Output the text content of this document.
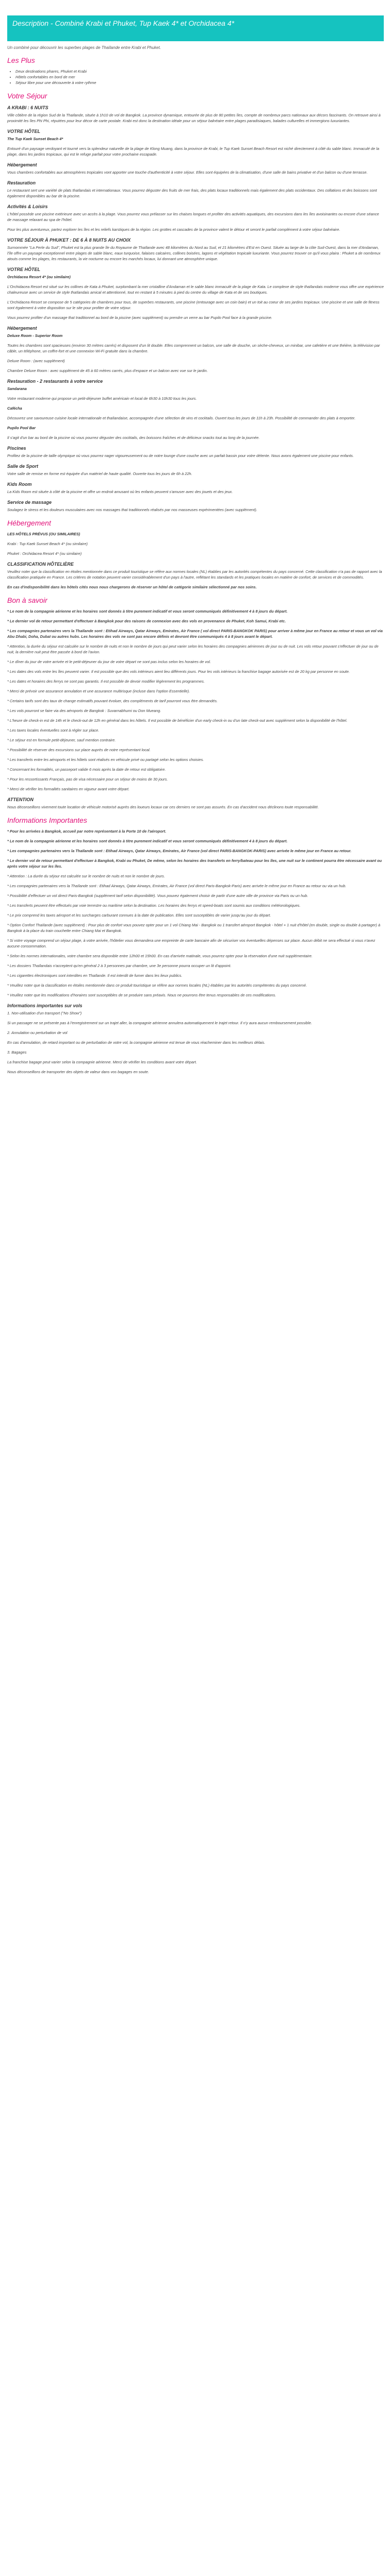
Description - Combiné Krabi et Phuket, Tup Kaek 4* et Orchidacea 4*
Un combiné pour découvrir les superbes plages de Thaïlande entre Krabi et Phuket.
Les Plus
• Deux destinations phares, Phuket et Krabi
• Hôtels confortables en bord de mer
• Séjour libre pour une découverte à votre rythme
Votre Séjour
A KRABI : 6 NUITS

Ville côtière de la région Sud de la Thaïlande, située à 1h10 de vol de Bangkok. La province dynamique, entourée de plus de 80 petites îles, compte de nombreux parcs nationaux aux décors fascinants. On retrouve ainsi à proximité les îles Phi Phi, réputées pour leur décor de carte postale. Krabi est donc la destination idéale pour un séjour balnéaire entre plages paradisiaques, balades culturelles et immergions luxuriantes.

VOTRE HÔTEL

The Tup Kaek Sunset Beach 4*

Entouré d'un paysage verdoyant et tourné vers la splendeur naturelle de la plage de Klong Muang, dans la province de Krabi, le Tup Kaek Sunset Beach Resort est niché directement à côté du sable blanc. Immaculé de la plage, dans les jardins tropicaux, qui est le refuge parfait pour votre prochaine escapade.

Hébergement

Vous chambres confortables aux atmosphères tropicales vont apporter une touche d'authenticité à votre séjour. Elles sont équipées de la climatisation, d'une salle de bains privative et d'un balcon ou d'une terrasse.

Restauration

Le restaurant sert une variété de plats thaïlandais et internationaux. Vous pourrez déguster des fruits de mer frais, des plats locaux traditionnels mais également des plats occidentaux. Des collations et des boissons sont également disponibles au bar de la piscine.

Activités & Loisirs

L'hôtel possède une piscine extérieure avec un accès à la plage. Vous pourrez vous prélasser sur les chaises longues et profiter des activités aquatiques, des excursions dans les îles avoisinantes ou encore d'une séance de massage relaxant au spa de l'hôtel.

Pour les plus aventureux, partez explorer les îles et les reliefs karstiques de la région. Les grottes et cascades de la province valent le détour et seront le parfait complément à votre séjour balnéaire.

VOTRE SÉJOUR À PHUKET : DE 6 À 8 NUITS AU CHOIX

Surnommée "La Perle du Sud", Phuket est la plus grande île du Royaume de Thaïlande avec 48 kilomètres du Nord au Sud, et 21 kilomètres d'Est en Ouest. Située au large de la côte Sud-Ouest, dans la mer d'Andaman, l'île offre un paysage exceptionnel entre plages de sable blanc, eaux turquoise, falaises calcaires, collines boisées, lagons et végétation tropicale luxuriante. Vous pourrez trouver ce qu'il vous plaira : Phuket a de nombreux atouts comme les plages, les restaurants, la vie nocturne ou encore les marchés locaux, lui donnant une atmosphère unique.

VOTRE HÔTEL

Orchidacea Resort 4* (ou similaire)

L'Orchidacea Resort est situé sur les collines de Kata à Phuket, surplombant la mer cristalline d'Andaman et le sable blanc immaculé de la plage de Kata. Le complexe de style thaïlandais moderne vous offre une expérience chaleureuse avec un service de style thaïlandais amical et attentionné, tout en restant à 5 minutes à pied du centre du village de Kata et de ses boutiques.

L'Orchidacea Resort se compose de 5 catégories de chambres pour tous, de superbes restaurants, une piscine (entourage avec un coin bain) et un toit au coeur de ses jardins tropicaux. Une piscine et une salle de fitness sont également à votre disposition sur le site pour profiter de votre séjour.

Vous pourrez profiter d'un massage thaï traditionnel au bord de la piscine (avec supplément) ou prendre un verre au bar Pupilo Pool face à la grande piscine.

Hébergement

Deluxe Room - Superior Room

Toutes les chambres sont spacieuses (environ 30 mètres carrés) et disposent d'un lit double. Elles comprennent un balcon, une salle de douche, un sèche-cheveux, un minibar, une cafetière et une théière, la télévision par câble, un téléphone, un coffre-fort et une connexion Wi-Fi gratuite dans la chambre.

Deluxe Room : (avec supplément)

Chambre Deluxe Room : avec supplément de 45 à 60 mètres carrés, plus d'espace et un balcon avec vue sur le jardin.

Restauration - 2 restaurants à votre service

Sandarana

Votre restaurant moderne qui propose un petit-déjeuner buffet américain et local de 6h30 à 10h30 tous les jours.

Cafécha

Découvrez une savoureuse cuisine locale internationale et thaïlandaise, accompagnée d'une sélection de vins et cocktails. Ouvert tous les jours de 11h à 23h. Possibilité de commander des plats à emporter.

Pupilo Pool Bar

Il s'agit d'un bar au bord de la piscine où vous pourrez déguster des cocktails, des boissons fraîches et de délicieux snacks tout au long de la journée.

Piscines

Profitez de la piscine de taille olympique où vous pourrez nager vigoureusement ou de notre lounge d'une couche avec un parfait bassin pour votre détente. Nous avons également une piscine pour enfants.

Salle de Sport

Votre salle de remise en forme est équipée d'un matériel de haute qualité. Ouverte tous les jours de 6h à 22h.

Kids Room

La Kids Room est située à côté de la piscine et offre un endroit amusant où les enfants peuvent s'amuser avec des jouets et des jeux.

Service de massage

Soulagez le stress et les douleurs musculaires avec nos massages thaï traditionnels réalisés par nos masseuses expérimentées (avec supplément).

Hébergement

LES HÔTELS PRÉVUS (OU SIMILAIRES)

Krabi : Tup Kaek Sunset Beach 4* (ou similaire)

Phuket : Orchidacea Resort 4* (ou similaire)

CLASSIFICATION HÔTELIÈRE

Veuillez noter que la classification en étoiles mentionnée dans ce produit touristique se réfère aux normes locales (NL) établies par les autorités compétentes du pays concerné. Cette classification n'a pas de rapport avec la classification pratiquée en France. Les critères de notation peuvent varier considérablement d'un pays à l'autre, reflétant les standards et les pratiques locales en matière de confort, de services et de commodités.

En cas d'indisponibilité dans les hôtels cités nous nous chargerons de réserver un hôtel de catégorie similaire sélectionné par nos soins.

Bon à savoir

* Le nom de la compagnie aérienne et les horaires sont donnés à titre purement indicatif et vous seront communiqués définitivement 4 à 8 jours du départ.

* Le dernier vol de retour permettant d'effectuer à Bangkok pour des raisons de connexion avec des vols en provenance de Phuket, Koh Samui, Krabi etc.

* Les compagnies partenaires vers la Thaïlande sont : Etihad Airways, Qatar Airways, Emirates, Air France ( vol direct PARIS-BANGKOK PARIS) pour arriver à même jour en France au retour et vous un vol via Abu Dhabi, Doha, Dubaï ou autres hubs. Les horaires des vols ne sont pas encore définis et devront être communiqués 4 à 8 jours avant le départ.

* Attention, la durée du séjour est calculée sur le nombre de nuits et non le nombre de jours qui peut varier selon les horaires des compagnies aériennes de jour ou de nuit. Les vols retour pouvant s'effectuer de jour ou de nuit, la dernière nuit peut être passée à bord de l'avion.

* Le dîner du jour de votre arrivée et le petit-déjeuner du jour de votre départ ne sont pas inclus selon les horaires de vol.

* Les dates des vols entre les îles peuvent varier. Il est possible que des vols intérieurs aient lieu différents jours. Pour les vols intérieurs la franchise bagage autorisée est de 20 kg par personne en soute.

* Les dates et horaires des ferrys ne sont pas garantis. Il est possible de devoir modifier légèrement les programmes.

* Merci de prévoir une assurance annulation et une assurance multirisque (incluse dans l'option Essentielle).

* Certains tarifs sont des taux de change estimatifs pouvant évoluer, des compléments de tarif pourront vous être demandés.

* Les vols pourront se faire via des aéroports de Bangkok : Suvarnabhumi ou Don Mueang.

* L'heure de check-in est de 14h et le check-out de 12h en général dans les hôtels. Il est possible de bénéficier d'un early check-in ou d'un late check-out avec supplément selon la disponibilité de l'hôtel.

* Les taxes locales éventuelles sont à régler sur place.

* Le séjour est en formule petit-déjeuner, sauf mention contraire.

* Possibilité de réserver des excursions sur place auprès de notre représentant local.

* Les transferts entre les aéroports et les hôtels sont réalisés en véhicule privé ou partagé selon les options choisies.

* Concernant les formalités, un passeport valide 6 mois après la date de retour est obligatoire.

* Pour les ressortissants Français, pas de visa nécessaire pour un séjour de moins de 30 jours.

* Merci de vérifier les formalités sanitaires en vigueur avant votre départ.

ATTENTION

Nous déconseillons vivement toute location de véhicule motorisé auprès des loueurs locaux car ces derniers ne sont pas assurés. En cas d'accident nous déclinons toute responsabilité.

Informations Importantes

* Pour les arrivées à Bangkok, accueil par notre représentant à la Porte 10 de l'aéroport.

* Le nom de la compagnie aérienne et les horaires sont donnés à titre purement indicatif et vous seront communiqués définitivement 4 à 8 jours du départ.

* Les compagnies partenaires vers la Thaïlande sont : Etihad Airways, Qatar Airways, Emirates, Air France (vol direct PARIS-BANGKOK-PARIS) avec arrivée le même jour en France au retour.

* Le dernier vol de retour permettant d'effectuer à Bangkok, Krabi ou Phuket, De même, selon les horaires des transferts en ferry/bateau pour les îles, une nuit sur le continent pourra être nécessaire avant ou après votre séjour sur les îles.

* Attention : La durée du séjour est calculée sur le nombre de nuits et non le nombre de jours.

* Les compagnies partenaires vers la Thaïlande sont : Etihad Airways, Qatar Airways, Emirates, Air France (vol direct Paris-Bangkok-Paris) avec arrivée le même jour en France au retour ou via un hub.

* Possibilité d'effectuer un vol direct Paris-Bangkok (supplément tarif selon disponibilité). Vous pouvez également choisir de partir d'une autre ville de province via Paris ou un hub.

* Les transferts peuvent être effectués par voie terrestre ou maritime selon la destination. Les horaires des ferrys et speed-boats sont soumis aux conditions météorologiques.

* Le prix comprend les taxes aéroport et les surcharges carburant connues à la date de publication. Elles sont susceptibles de varier jusqu'au jour du départ.

* Option Confort Thaïlande (avec supplément) : Pour plus de confort vous pouvez opter pour un 1 vol Chiang Mai - Bangkok ou 1 transfert aéroport Bangkok - hôtel + 1 nuit d'hôtel (en double, single ou double à partager) à Bangkok à la place du train couchette entre Chiang Mai et Bangkok.

* Si votre voyage comprend un séjour plage, à votre arrivée, l'hôtelier vous demandera une empreinte de carte bancaire afin de sécuriser vos éventuelles dépenses sur place. Aucun débit ne sera effectué si vous n'avez aucune consommation.

* Selon les normes internationales, votre chambre sera disponible entre 12h00 et 15h00. En cas d'arrivée matinale, vous pourrez opter pour la réservation d'une nuit supplémentaire.

* Les dossiers Thaïlandais n'acceptent qu'en général 2 à 3 personnes par chambre, une 3e personne pourra occuper un lit d'appoint.

* Les cigarettes électroniques sont interdites en Thaïlande. Il est interdit de fumer dans les lieux publics.

* Veuillez noter que la classification en étoiles mentionnée dans ce produit touristique se réfère aux normes locales (NL) établies par les autorités compétentes du pays concerné.

* Veuillez noter que les modifications d'horaires sont susceptibles de se produire sans préavis. Nous ne pourrons être tenus responsables de ces modifications.

Informations importantes sur vols

1. Non-utilisation d'un transport ("No Show")

Si un passager ne se présente pas à l'enregistrement sur un trajet aller, la compagnie aérienne annulera automatiquement le trajet retour. Il n'y aura aucun remboursement possible.

2. Annulation ou perturbation de vol

En cas d'annulation, de retard important ou de perturbation de votre vol, la compagnie aérienne est tenue de vous réacheminer dans les meilleurs délais.

3. Bagages

La franchise bagage peut varier selon la compagnie aérienne. Merci de vérifier les conditions avant votre départ.

Nous déconseillons de transporter des objets de valeur dans vos bagages en soute.
